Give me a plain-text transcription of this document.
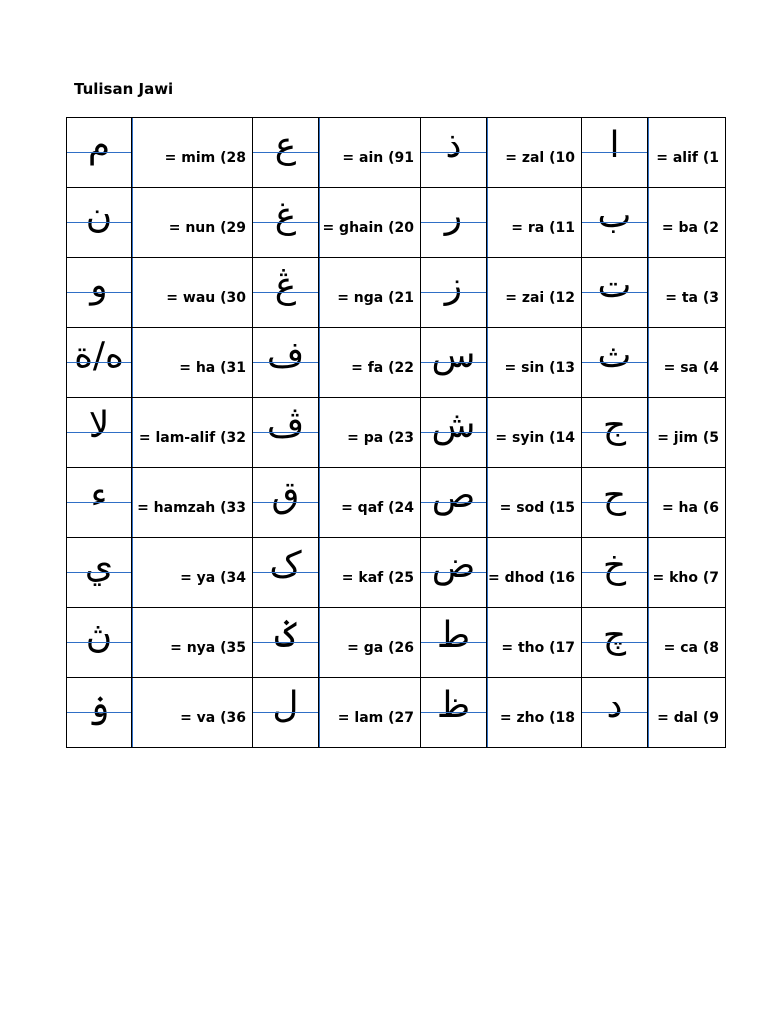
Tulisan Jawi
م	= mim (28	ع	= ain (91	ذ	= zal (10	ا	= alif (1

ن	= nun (29	غ	= ghain (20	ر	= ra (11	ب	= ba (2

و	= wau (30	ڠ	= nga (21	ز	= zai (12	ت	= ta (3

ه/ة	= ha (31	ف	= fa (22	س	= sin (13	ث	= sa (4

لا	= lam-alif (32	ڤ	= pa (23	ش	= syin (14	ج	= jim (5

ء	= hamzah (33	ق	= qaf (24	ص	= sod (15	ح	= ha (6

ي	= ya (34	ک	= kaf (25	ض	= dhod (16	خ	= kho (7

ڽ	= nya (35	ݢ	= ga (26	ط	= tho (17	چ	= ca (8

ۏ	= va (36	ل	= lam (27	ظ	= zho (18	د	= dal (9
